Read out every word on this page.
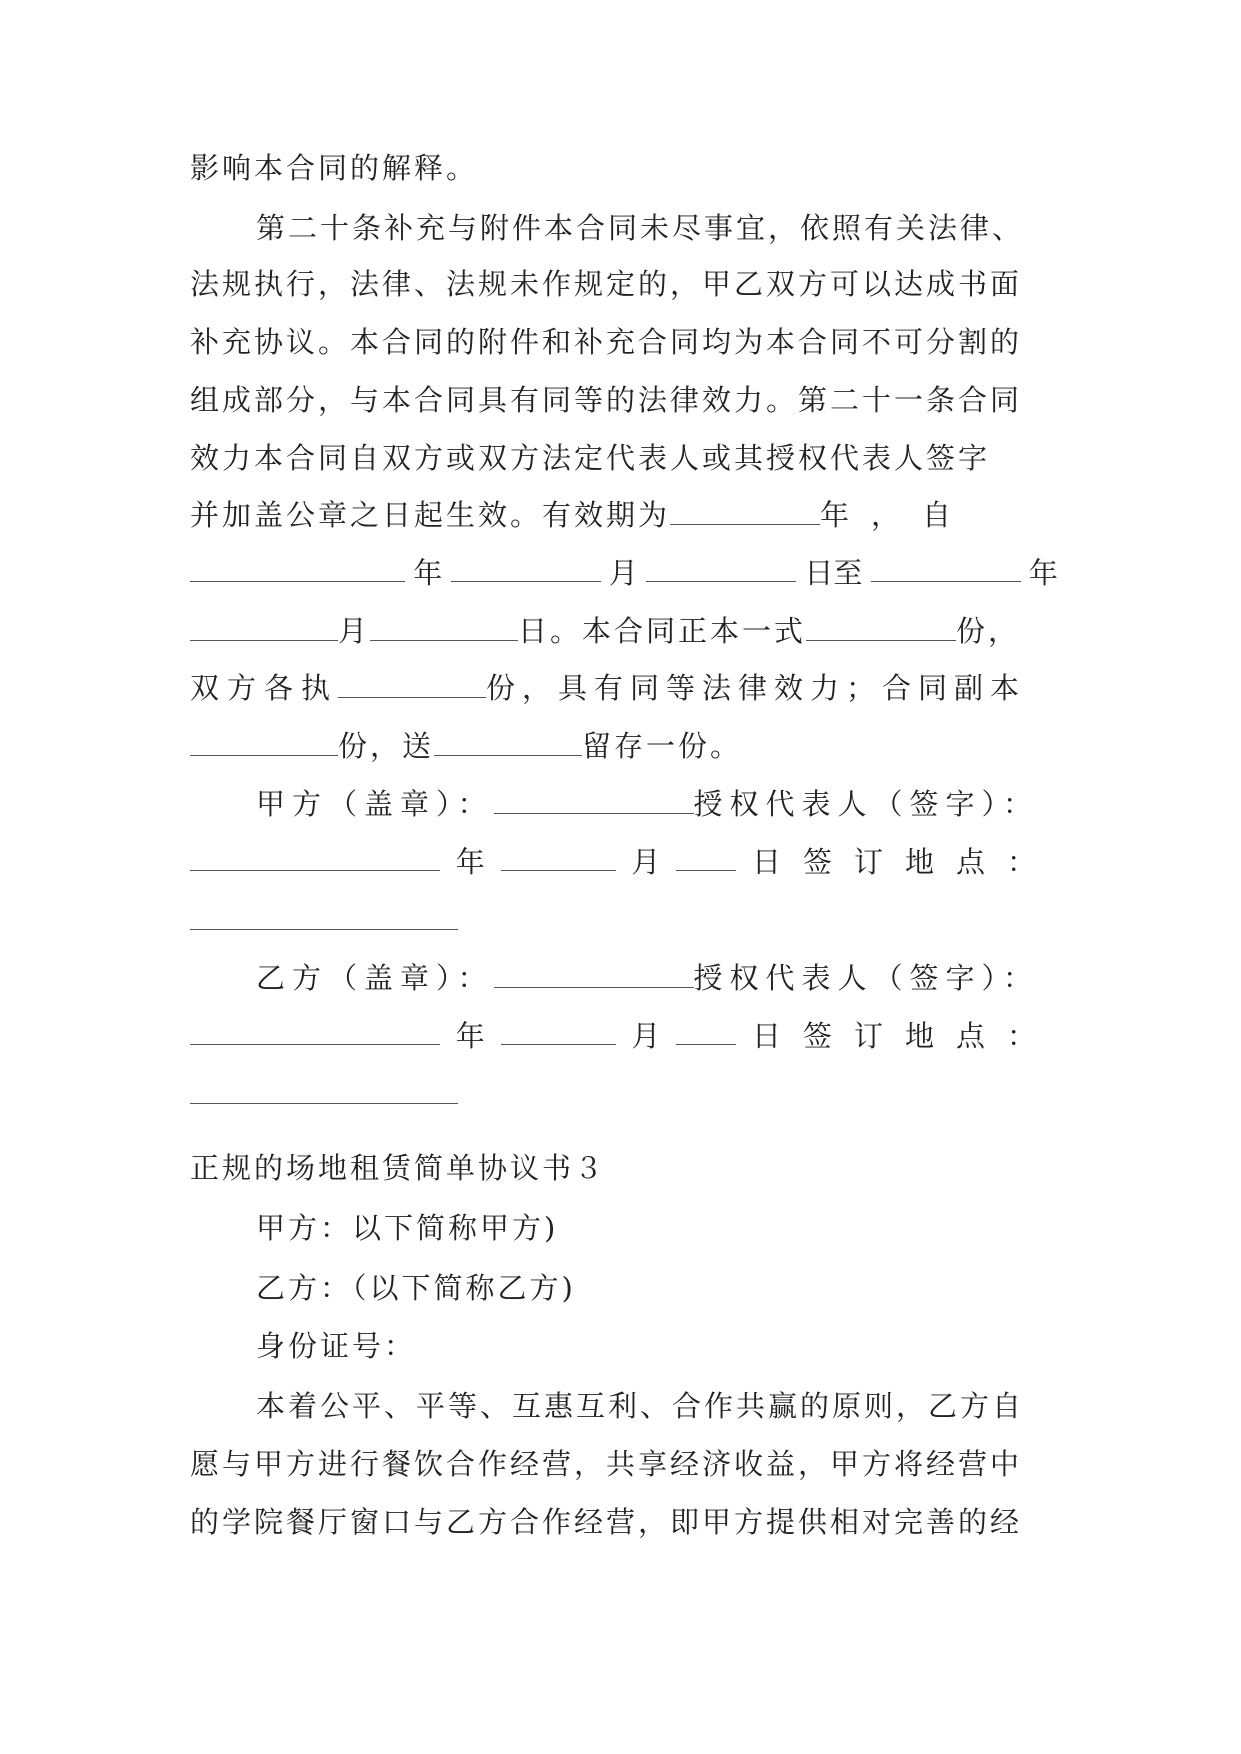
影响本合同的解释。
第二十条补充与附件本合同未尽事宜，依照有关法律、
法规执行，法律、法规未作规定的，甲乙双方可以达成书面
补充协议。本合同的附件和补充合同均为本合同不可分割的
组成部分，与本合同具有同等的法律效力。第二十一条合同
效力本合同自双方或双方法定代表人或其授权代表人签字
并加盖公章之日起生效。有效期为	年，自
年	月	日至	年
月	日。本合同正本一式	份，
双方各执	份，具有同等法律效力；合同副本
份，送	留存一份。
甲方（盖章）：	授权代表人（签字）：
年	月	日签订地点：
乙方（盖章）：	授权代表人（签字）：
年	月	日签订地点：
正规的场地租赁简单协议书３
甲方：以下简称甲方)
乙方：（以下简称乙方)
身份证号：
本着公平、平等、互惠互利、合作共赢的原则，乙方自
愿与甲方进行餐饮合作经营，共享经济收益，甲方将经营中
的学院餐厅窗口与乙方合作经营，即甲方提供相对完善的经
